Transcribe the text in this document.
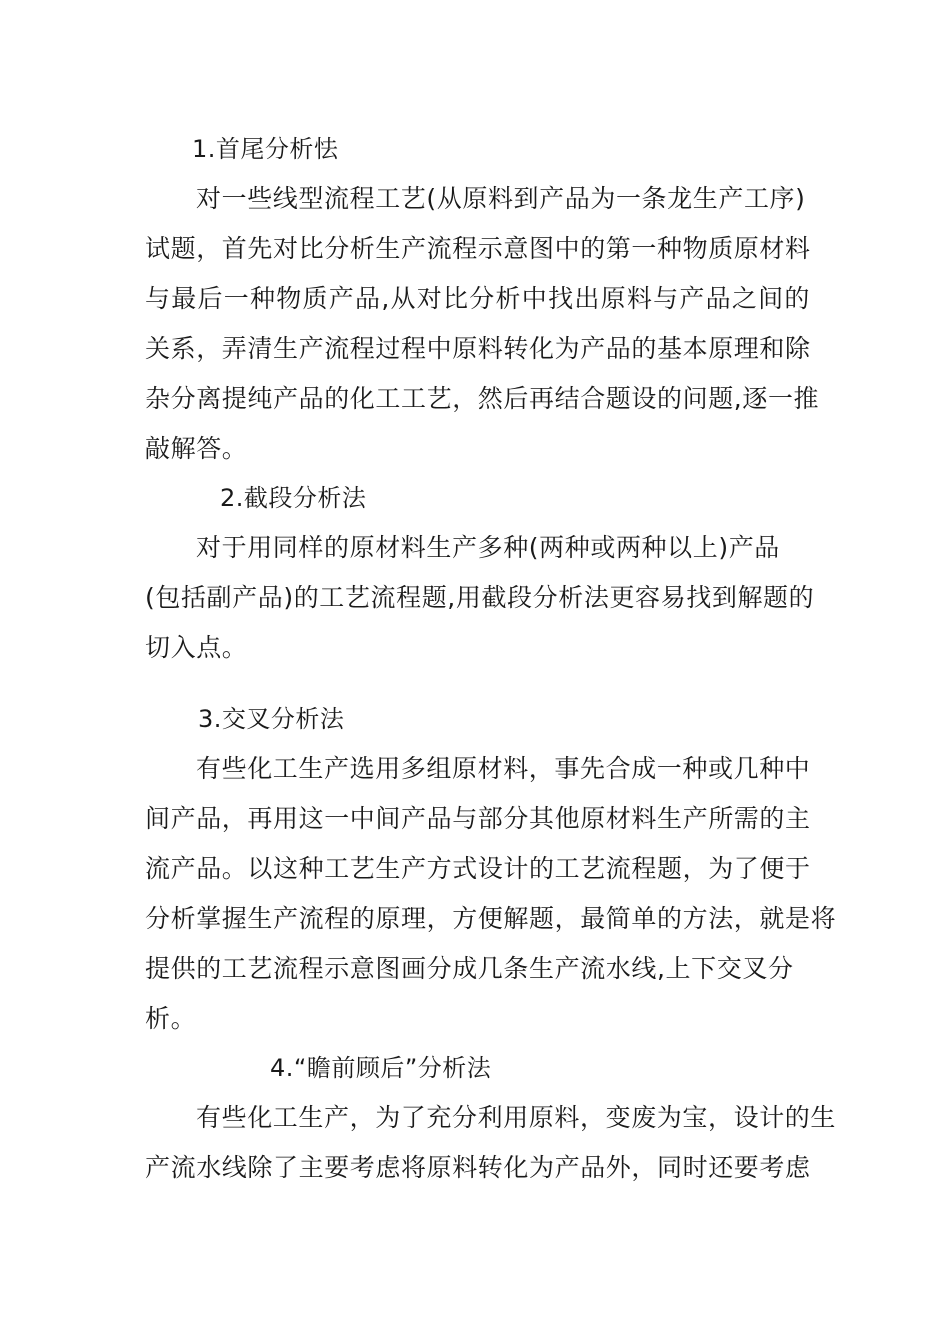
1.首尾分析怯
对一些线型流程工艺(从原料到产品为一条龙生产工序)
试题，首先对比分析生产流程示意图中的第一种物质原材料
与最后一种物质产品,从对比分析中找出原料与产品之间的
关系，弄清生产流程过程中原料转化为产品的基本原理和除
杂分离提纯产品的化工工艺，然后再结合题设的问题,逐一推
敲解答。
2.截段分析法
对于用同样的原材料生产多种(两种或两种以上)产品
(包括副产品)的工艺流程题,用截段分析法更容易找到解题的
切入点。
3.交叉分析法
有些化工生产选用多组原材料，事先合成一种或几种中
间产品，再用这一中间产品与部分其他原材料生产所需的主
流产品。以这种工艺生产方式设计的工艺流程题，为了便于
分析掌握生产流程的原理，方便解题，最简单的方法，就是将
提供的工艺流程示意图画分成几条生产流水线,上下交叉分
析。
4.“瞻前顾后”分析法
有些化工生产，为了充分利用原料，变废为宝，设计的生
产流水线除了主要考虑将原料转化为产品外，同时还要考虑
